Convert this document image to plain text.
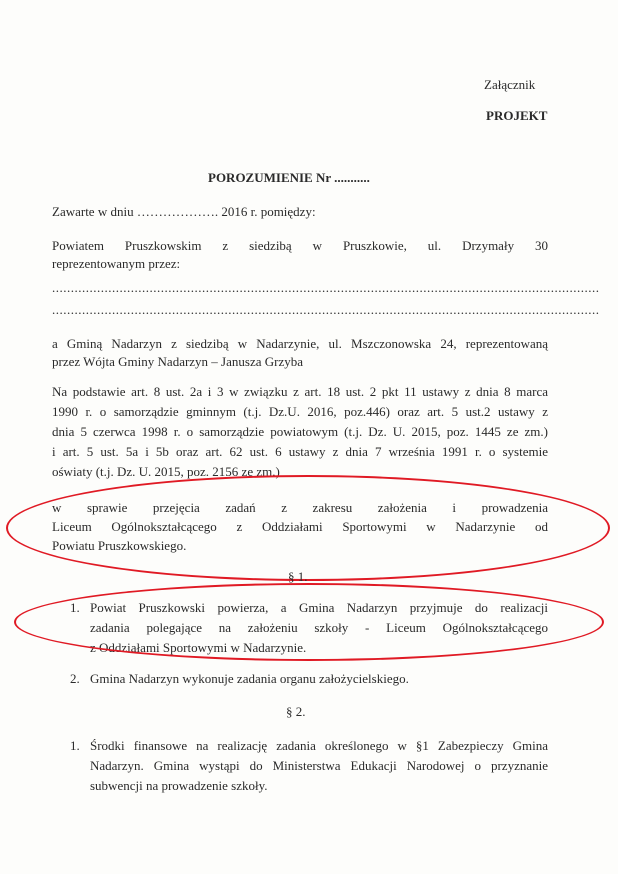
Załącznik
PROJEKT
POROZUMIENIE Nr ...........
Zawarte w dniu ………………. 2016 r. pomiędzy:
Powiatem Pruszkowskim z siedzibą w Pruszkowie, ul. Drzymały 30
reprezentowanym przez:
..................................................................................................................................................
..................................................................................................................................................
a Gminą Nadarzyn z siedzibą w Nadarzynie, ul. Mszczonowska 24, reprezentowaną
przez Wójta Gminy Nadarzyn – Janusza Grzyba
Na podstawie art. 8 ust. 2a i 3 w związku z art. 18 ust. 2 pkt 11 ustawy z dnia 8 marca
1990 r. o samorządzie gminnym (t.j. Dz.U. 2016, poz.446) oraz art. 5 ust.2 ustawy z
dnia 5 czerwca 1998 r. o samorządzie powiatowym (t.j. Dz. U. 2015, poz. 1445 ze zm.)
i art. 5 ust. 5a i 5b oraz art. 62 ust. 6 ustawy z dnia 7 września 1991 r. o systemie
oświaty (t.j. Dz. U. 2015, poz. 2156 ze zm.)
w sprawie przejęcia zadań z zakresu założenia i prowadzenia
Liceum Ogólnokształcącego z Oddziałami Sportowymi w Nadarzynie od
Powiatu Pruszkowskiego.
§ 1.
1. Powiat Pruszkowski powierza, a Gmina Nadarzyn przyjmuje do realizacji
zadania polegające na założeniu szkoły - Liceum Ogólnokształcącego
z Oddziałami Sportowymi w Nadarzynie.
2. Gmina Nadarzyn wykonuje zadania organu założycielskiego.
§ 2.
1. Środki finansowe na realizację zadania określonego w §1 Zabezpieczy Gmina
Nadarzyn. Gmina wystąpi do Ministerstwa Edukacji Narodowej o przyznanie
subwencji na prowadzenie szkoły.
